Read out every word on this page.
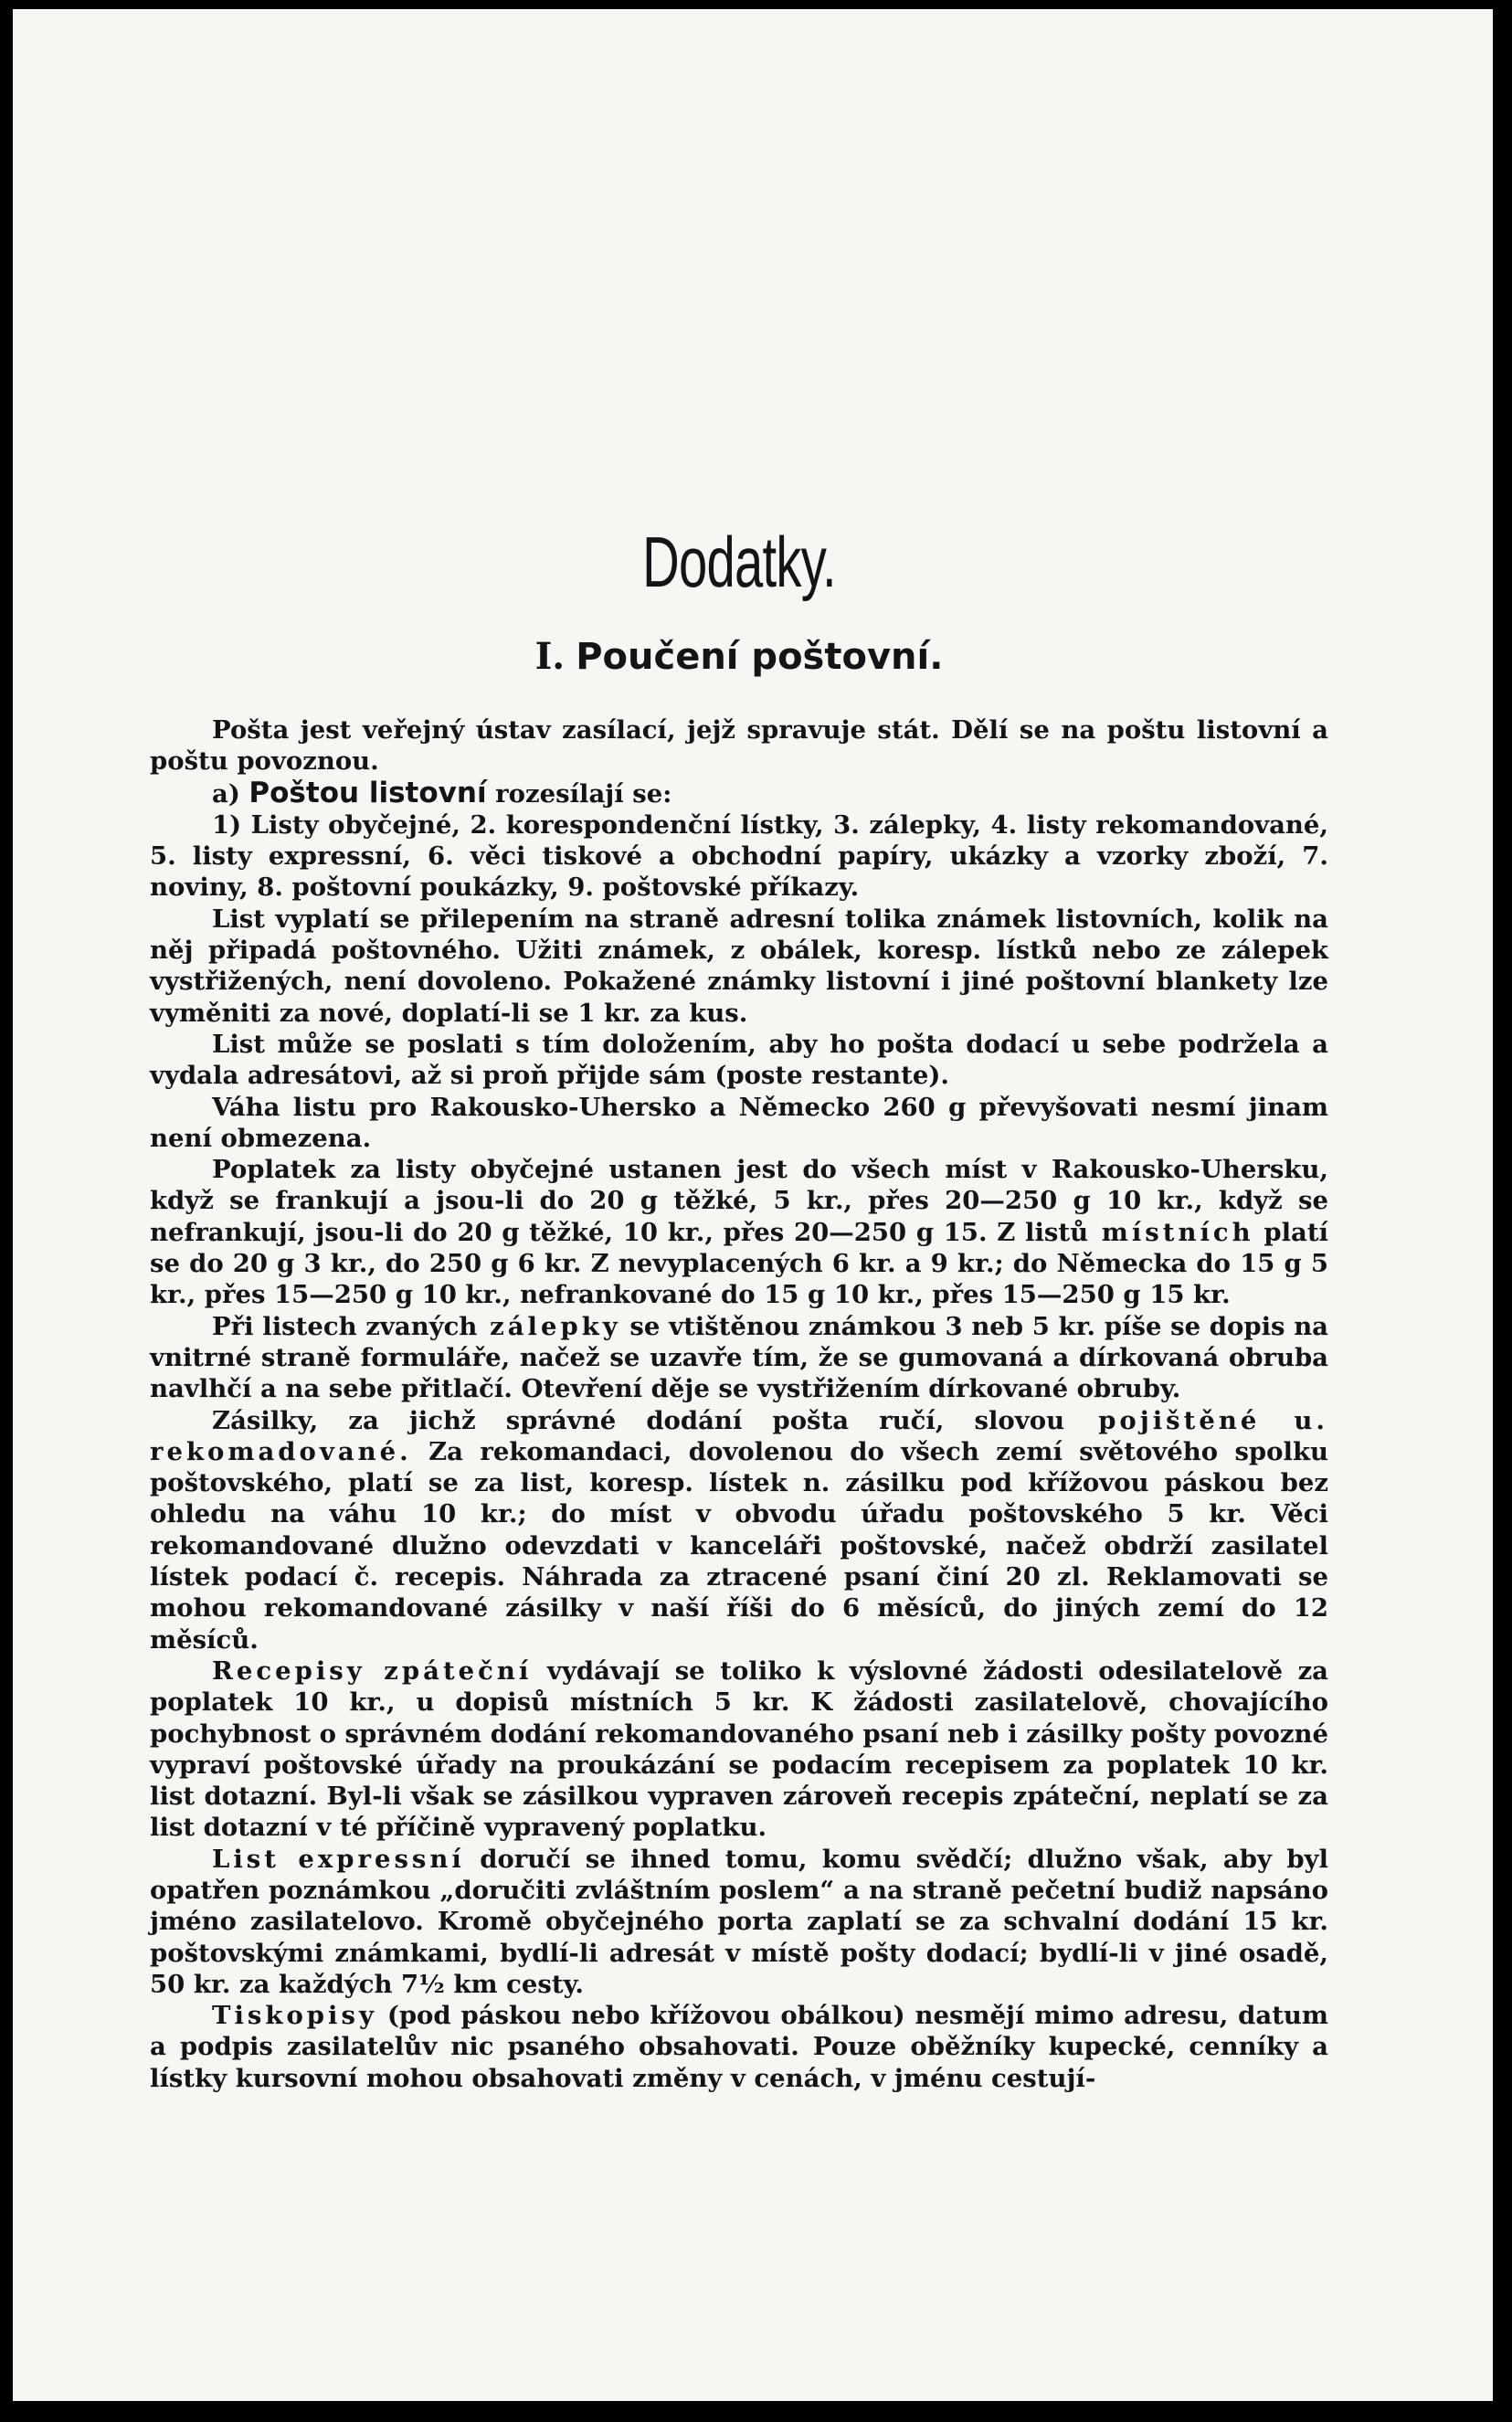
Dodatky.
I. Poučení poštovní.

Pošta jest veřejný ústav zasílací, jejž spravuje stát. Dělí se na poštu listovní a poštu povoznou.

a) Poštou listovní rozesílají se:

1) Listy obyčejné, 2. korespondenční lístky, 3. zálepky, 4. listy rekomandované, 5. listy expressní, 6. věci tiskové a obchodní papíry, ukázky a vzorky zboží, 7. noviny, 8. poštovní poukázky, 9. poštovské příkazy.

List vyplatí se přilepením na straně adresní tolika známek listovních, kolik na něj připadá poštovného. Užiti známek, z obálek, koresp. lístků nebo ze zálepek vystřižených, není dovoleno. Pokažené známky listovní i jiné poštovní blankety lze vyměniti za nové, doplatí-li se 1 kr. za kus.

List může se poslati s tím doložením, aby ho pošta dodací u sebe podržela a vydala adresátovi, až si proň přijde sám (poste restante).

Váha listu pro Rakousko-Uhersko a Německo 260 g převyšovati nesmí jinam není obmezena.

Poplatek za listy obyčejné ustanen jest do všech míst v Rakousko-Uhersku, když se frankují a jsou-li do 20 g těžké, 5 kr., přes 20—250 g 10 kr., když se nefrankují, jsou-li do 20 g těžké, 10 kr., přes 20—250 g 15. Z listů místních platí se do 20 g 3 kr., do 250 g 6 kr. Z nevyplacených 6 kr. a 9 kr.; do Německa do 15 g 5 kr., přes 15—250 g 10 kr., nefrankované do 15 g 10 kr., přes 15—250 g 15 kr.

Při listech zvaných zálepky se vtištěnou známkou 3 neb 5 kr. píše se dopis na vnitrné straně formuláře, načež se uzavře tím, že se gumovaná a dírkovaná obruba navlhčí a na sebe přitlačí. Otevření děje se vystřižením dírkované obruby.

Zásilky, za jichž správné dodání pošta ručí, slovou pojištěné u. rekomadované. Za rekomandaci, dovolenou do všech zemí světového spolku poštovského, platí se za list, koresp. lístek n. zásilku pod křížovou páskou bez ohledu na váhu 10 kr.; do míst v obvodu úřadu poštovského 5 kr. Věci rekomandované dlužno odevzdati v kanceláři poštovské, načež obdrží zasilatel lístek podací č. recepis. Náhrada za ztracené psaní činí 20 zl. Reklamovati se mohou rekomandované zásilky v naší říši do 6 měsíců, do jiných zemí do 12 měsíců.

Recepisy zpáteční vydávají se toliko k výslovné žádosti odesilatelově za poplatek 10 kr., u dopisů místních 5 kr. K žádosti zasilatelově, chovajícího pochybnost o správném dodání rekomandovaného psaní neb i zásilky pošty povozné vypraví poštovské úřady na proukázání se podacím recepisem za poplatek 10 kr. list dotazní. Byl-li však se zásilkou vypraven zároveň recepis zpáteční, neplatí se za list dotazní v té příčině vypravený poplatku.

List expressní doručí se ihned tomu, komu svědčí; dlužno však, aby byl opatřen poznámkou „doručiti zvláštním poslem“ a na straně pečetní budiž napsáno jméno zasilatelovo. Kromě obyčejného porta zaplatí se za schvalní dodání 15 kr. poštovskými známkami, bydlí-li adresát v místě pošty dodací; bydlí-li v jiné osadě, 50 kr. za každých 7½ km cesty.

Tiskopisy (pod páskou nebo křížovou obálkou) nesmějí mimo adresu, datum a podpis zasilatelův nic psaného obsahovati. Pouze oběžníky kupecké, cenníky a lístky kursovní mohou obsahovati změny v cenách, v jménu cestují-
